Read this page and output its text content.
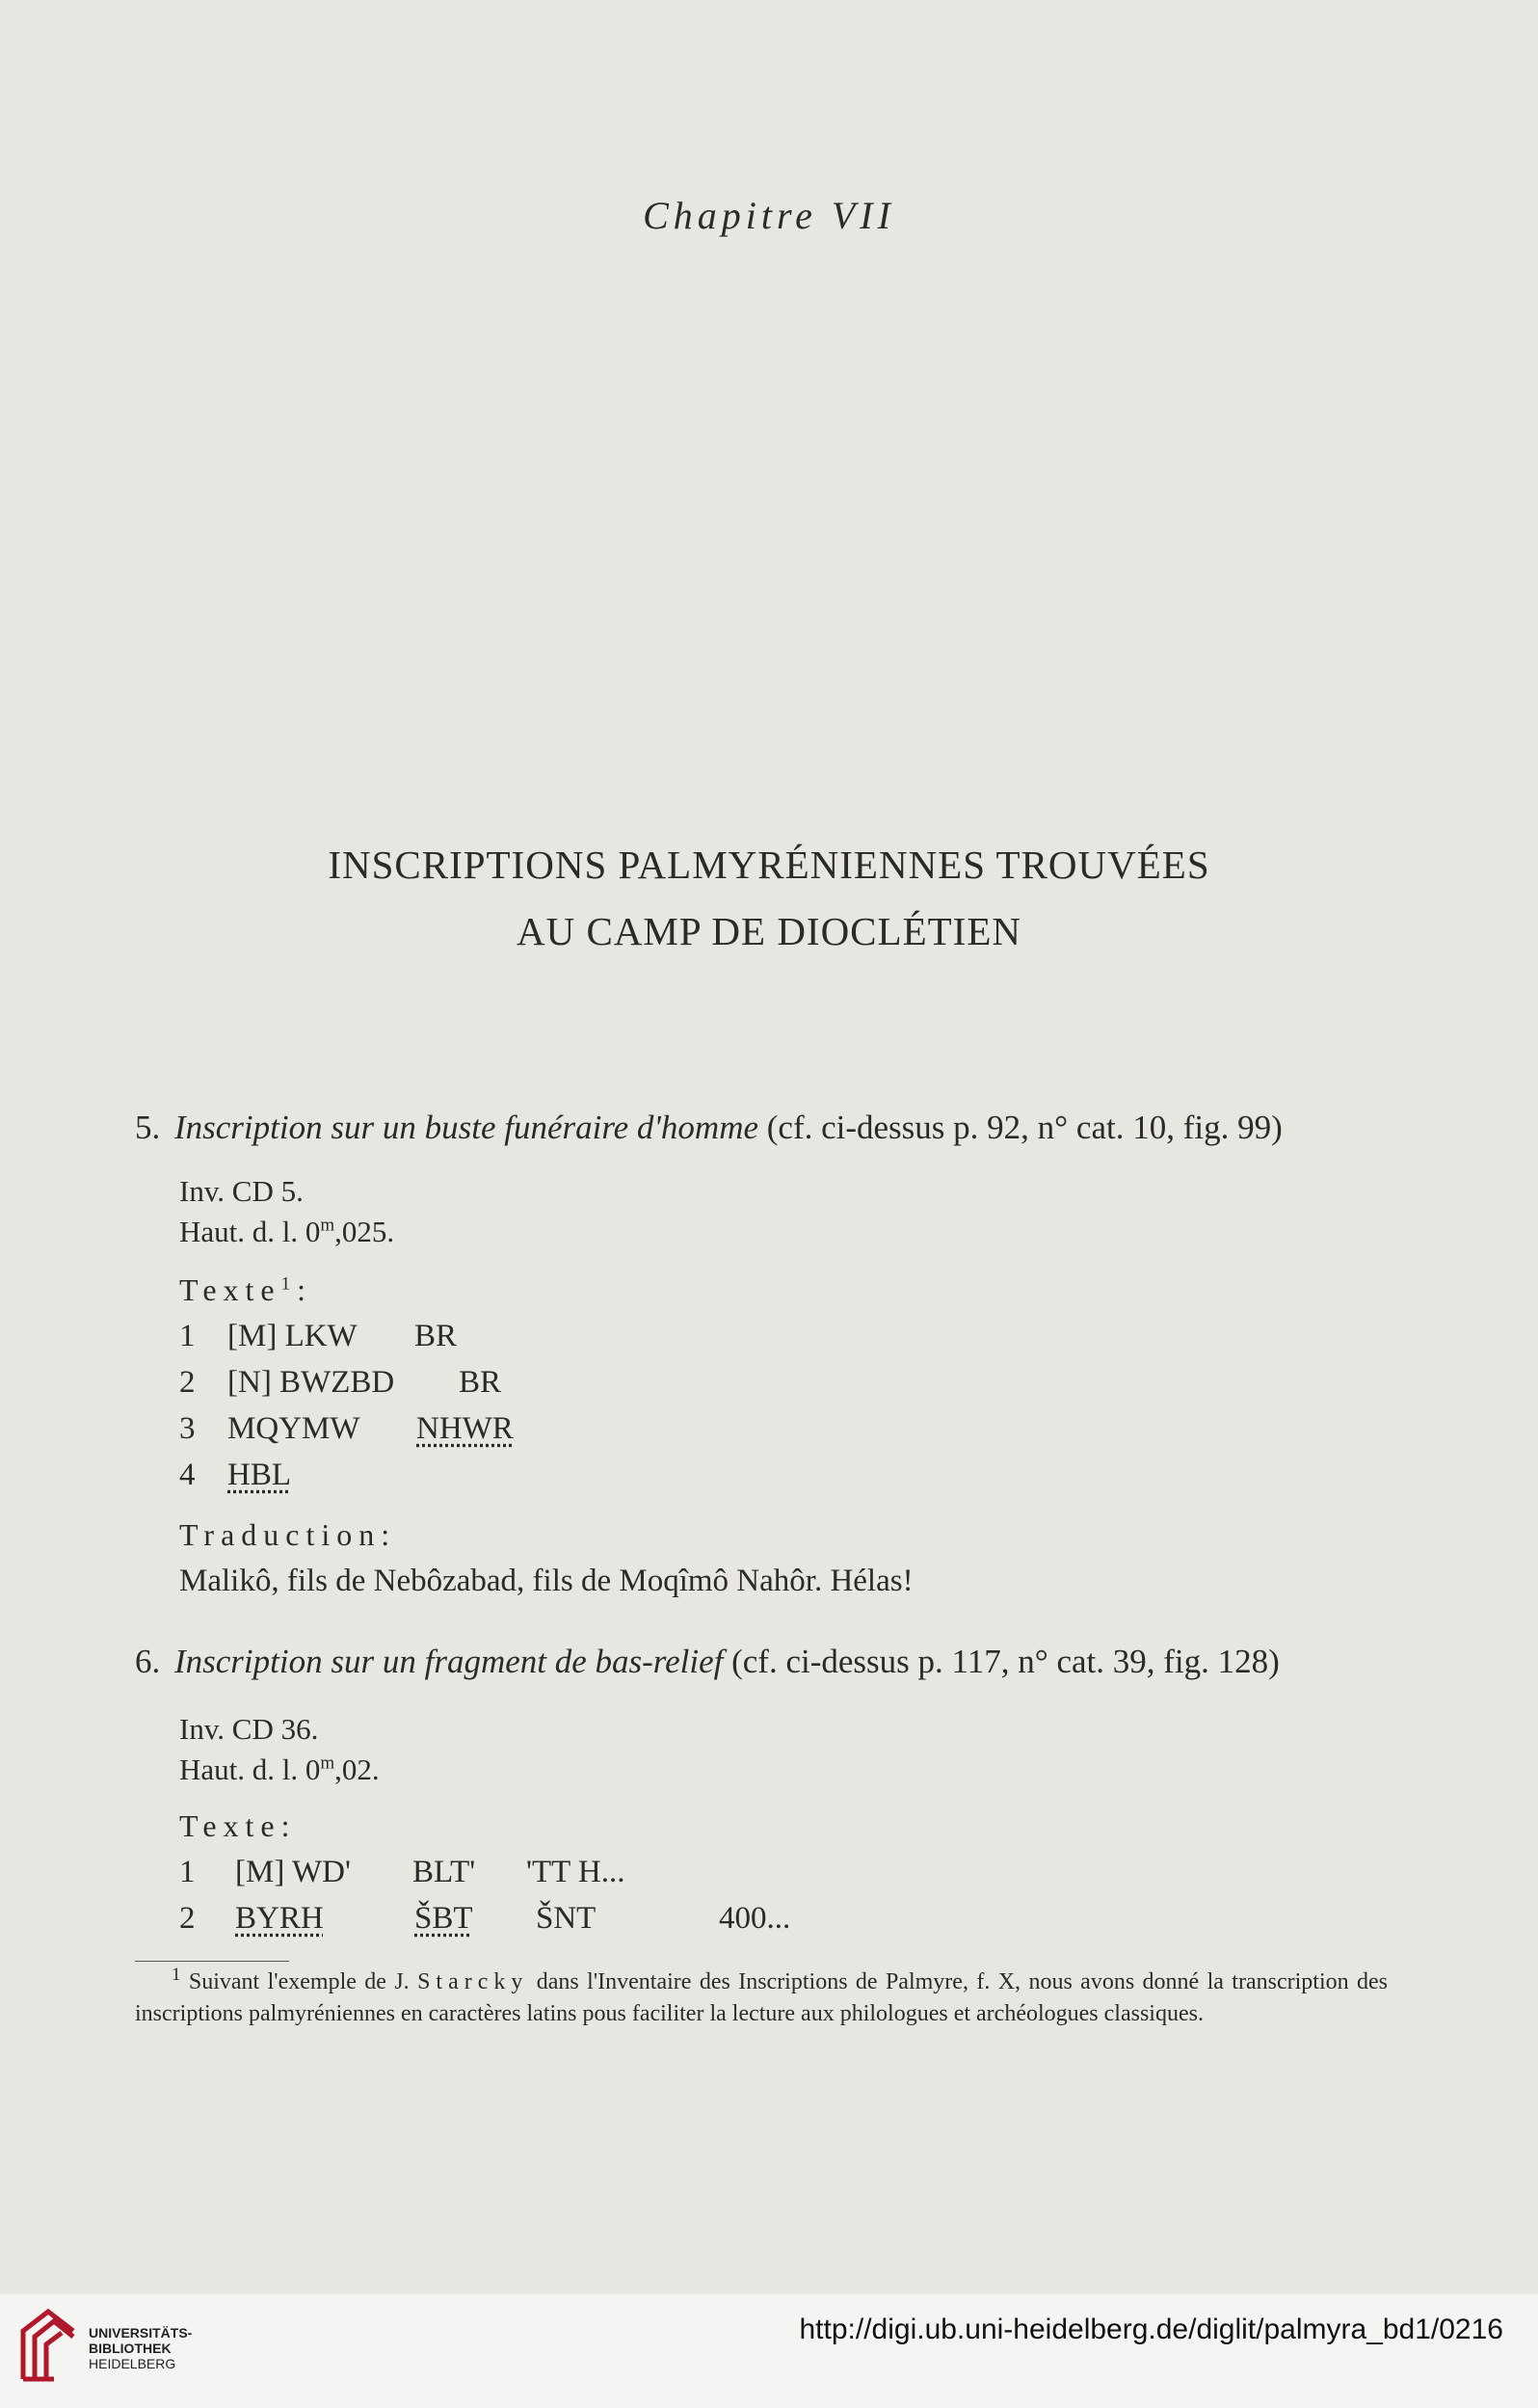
Chapitre VII
INSCRIPTIONS PALMYRÉNIENNES TROUVÉES
AU CAMP DE DIOCLÉTIEN
5. Inscription sur un buste funéraire d'homme (cf. ci-dessus p. 92, n° cat. 10, fig. 99)
Inv. CD 5.
Haut. d. l. 0$^m$,025.
Texte$^1$:
1 [M] LKW BR
2 [N] BWZBD BR
3 MQYMW NHWR
4 HBL
Traduction:
Malikô, fils de Nebôzabad, fils de Moqîmô Nahôr. Hélas!
6. Inscription sur un fragment de bas-relief (cf. ci-dessus p. 117, n° cat. 39, fig. 128)
Inv. CD 36.
Haut. d. l. 0$^m$,02.
Texte:
1 [M] WD' BLT' 'TT H...
2 BYRH	ŠBT ŠNT	400...
$^1$ Suivant l'exemple de J. Starcky dans l'Inventaire des Inscriptions de Palmyre, f. X, nous avons donné la transcription des inscriptions palmyréniennes en caractères latins pous faciliter la lecture aux philologues et archéologues classiques.
UNIVERSITÄTS-
BIBLIOTHEK
HEIDELBERG
http://digi.ub.uni-heidelberg.de/diglit/palmyra_bd1/0216
